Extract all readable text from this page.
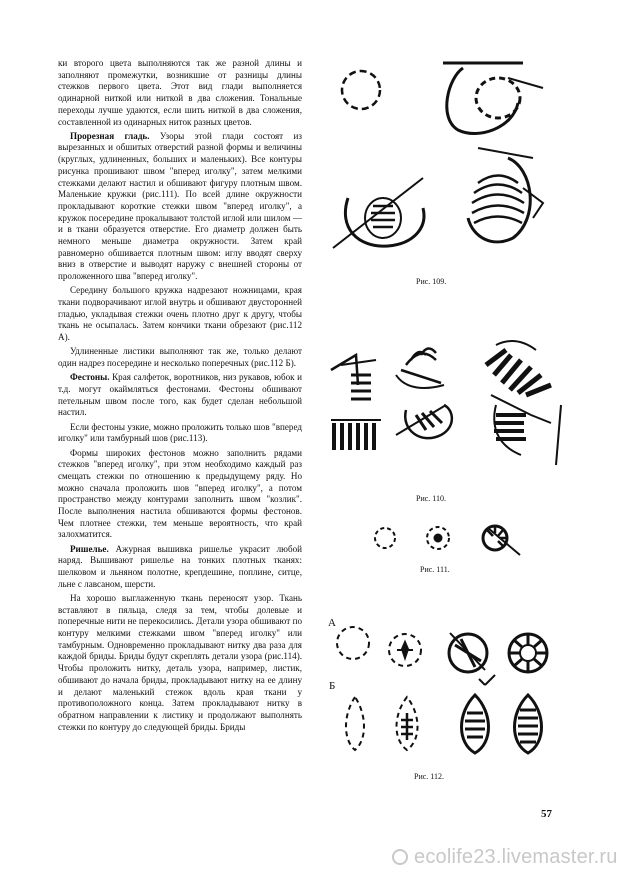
ки второго цвета выполняются так же разной длины и заполняют промежутки, возникшие от разницы длины стежков первого цвета. Этот вид глади выполняется одинарной ниткой или ниткой в два сложения. Тональные переходы лучше удаются, если шить ниткой в два сложения, составленной из одинарных ниток разных цветов.

Прорезная гладь. Узоры этой глади состоят из вырезанных и обшитых отверстий разной формы и величины (круглых, удлиненных, больших и маленьких). Все контуры рисунка прошивают швом "вперед иголку", затем мелкими стежками делают настил и обшивают фигуру плотным швом. Маленькие кружки (рис.111). По всей длине окружности прокладывают короткие стежки швом "вперед иголку", а кружок посередине прокалывают толстой иглой или шилом — и в ткани образуется отверстие. Его диаметр должен быть немного меньше диаметра окружности. Затем край равномерно обшивается плотным швом: иглу вводят сверху вниз в отверстие и выводят наружу с внешней стороны от проложенного шва "вперед иголку".

Середину большого кружка надрезают ножницами, края ткани подворачивают иглой внутрь и обшивают двусторонней гладью, укладывая стежки очень плотно друг к другу, чтобы ткань не осыпалась. Затем кончики ткани обрезают (рис.112 А).

Удлиненные листики выполняют так же, только делают один надрез посередине и несколько поперечных (рис.112 Б).

Фестоны. Края салфеток, воротников, низ рукавов, юбок и т.д. могут окаймляться фестонами. Фестоны обшивают петельным швом после того, как будет сделан небольшой настил.

Если фестоны узкие, можно проложить только шов "вперед иголку" или тамбурный шов (рис.113).

Формы широких фестонов можно заполнить рядами стежков "вперед иголку", при этом необходимо каждый раз смещать стежки по отношению к предыдущему ряду. Но можно сначала проложить шов "вперед иголку", а потом пространство между контурами заполнить швом "козлик". После выполнения настила обшиваются формы фестонов. Чем плотнее стежки, тем меньше вероятность, что край залохматится.

Ришелье. Ажурная вышивка ришелье украсит любой наряд. Вышивают ришелье на тонких плотных тканях: шелковом и льняном полотне, крепдешине, поплине, ситце, льне с лавсаном, шерсти.

На хорошо выглаженную ткань переносят узор. Ткань вставляют в пяльца, следя за тем, чтобы долевые и поперечные нити не перекосились. Детали узора обшивают по контуру мелкими стежками швом "вперед иголку" или тамбурным. Одновременно прокладывают нитку два раза для каждой бриды. Бриды будут скреплять детали узора (рис.114). Чтобы проложить нитку, деталь узора, например, листик, обшивают до начала бриды, прокладывают нитку на ее длину и делают маленький стежок вдоль края ткани у противоположного конца. Затем прокладывают нитку в обратном направлении к листику и продолжают выполнять стежки по контуру до следующей бриды. Бриды

Рис. 109.
Рис. 110.
Рис. 111.
А
Б
Рис. 112.
57
ecolife23.livemaster.ru
